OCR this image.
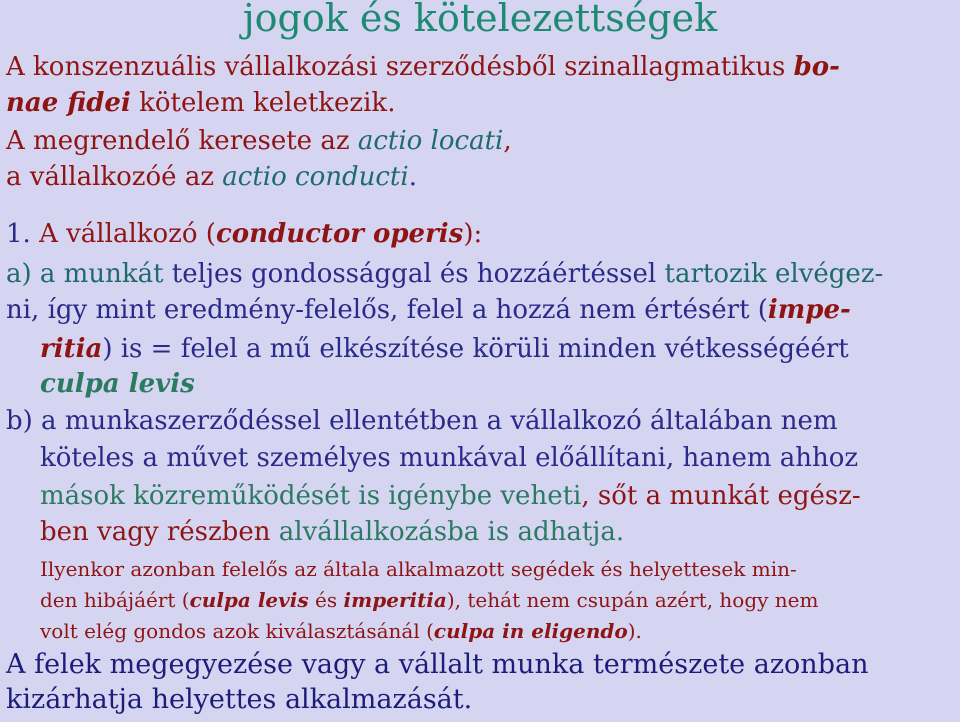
jogok és kötelezettségek
A konszenzuális vállalkozási szerződésből szinallagmatikus bo-
nae fidei kötelem keletkezik.
A megrendelő keresete az actio locati,
a vállalkozóé az actio conducti.
1. A vállalkozó (conductor operis):
a) a munkát teljes gondossággal és hozzáértéssel tartozik elvégez-
ni, így mint eredmény-felelős, felel a hozzá nem értésért (impe-
ritia) is = felel a mű elkészítése körüli minden vétkességéért
culpa levis
b) a munkaszerződéssel ellentétben a vállalkozó általában nem
köteles a művet személyes munkával előállítani, hanem ahhoz
mások közreműködését is igénybe veheti, sőt a munkát egész-
ben vagy részben alvállalkozásba is adhatja.
Ilyenkor azonban felelős az általa alkalmazott segédek és helyettesek min-
den hibájáért (culpa levis és imperitia), tehát nem csupán azért, hogy nem
volt elég gondos azok kiválasztásánál (culpa in eligendo).
A felek megegyezése vagy a vállalt munka természete azonban
kizárhatja helyettes alkalmazását.
